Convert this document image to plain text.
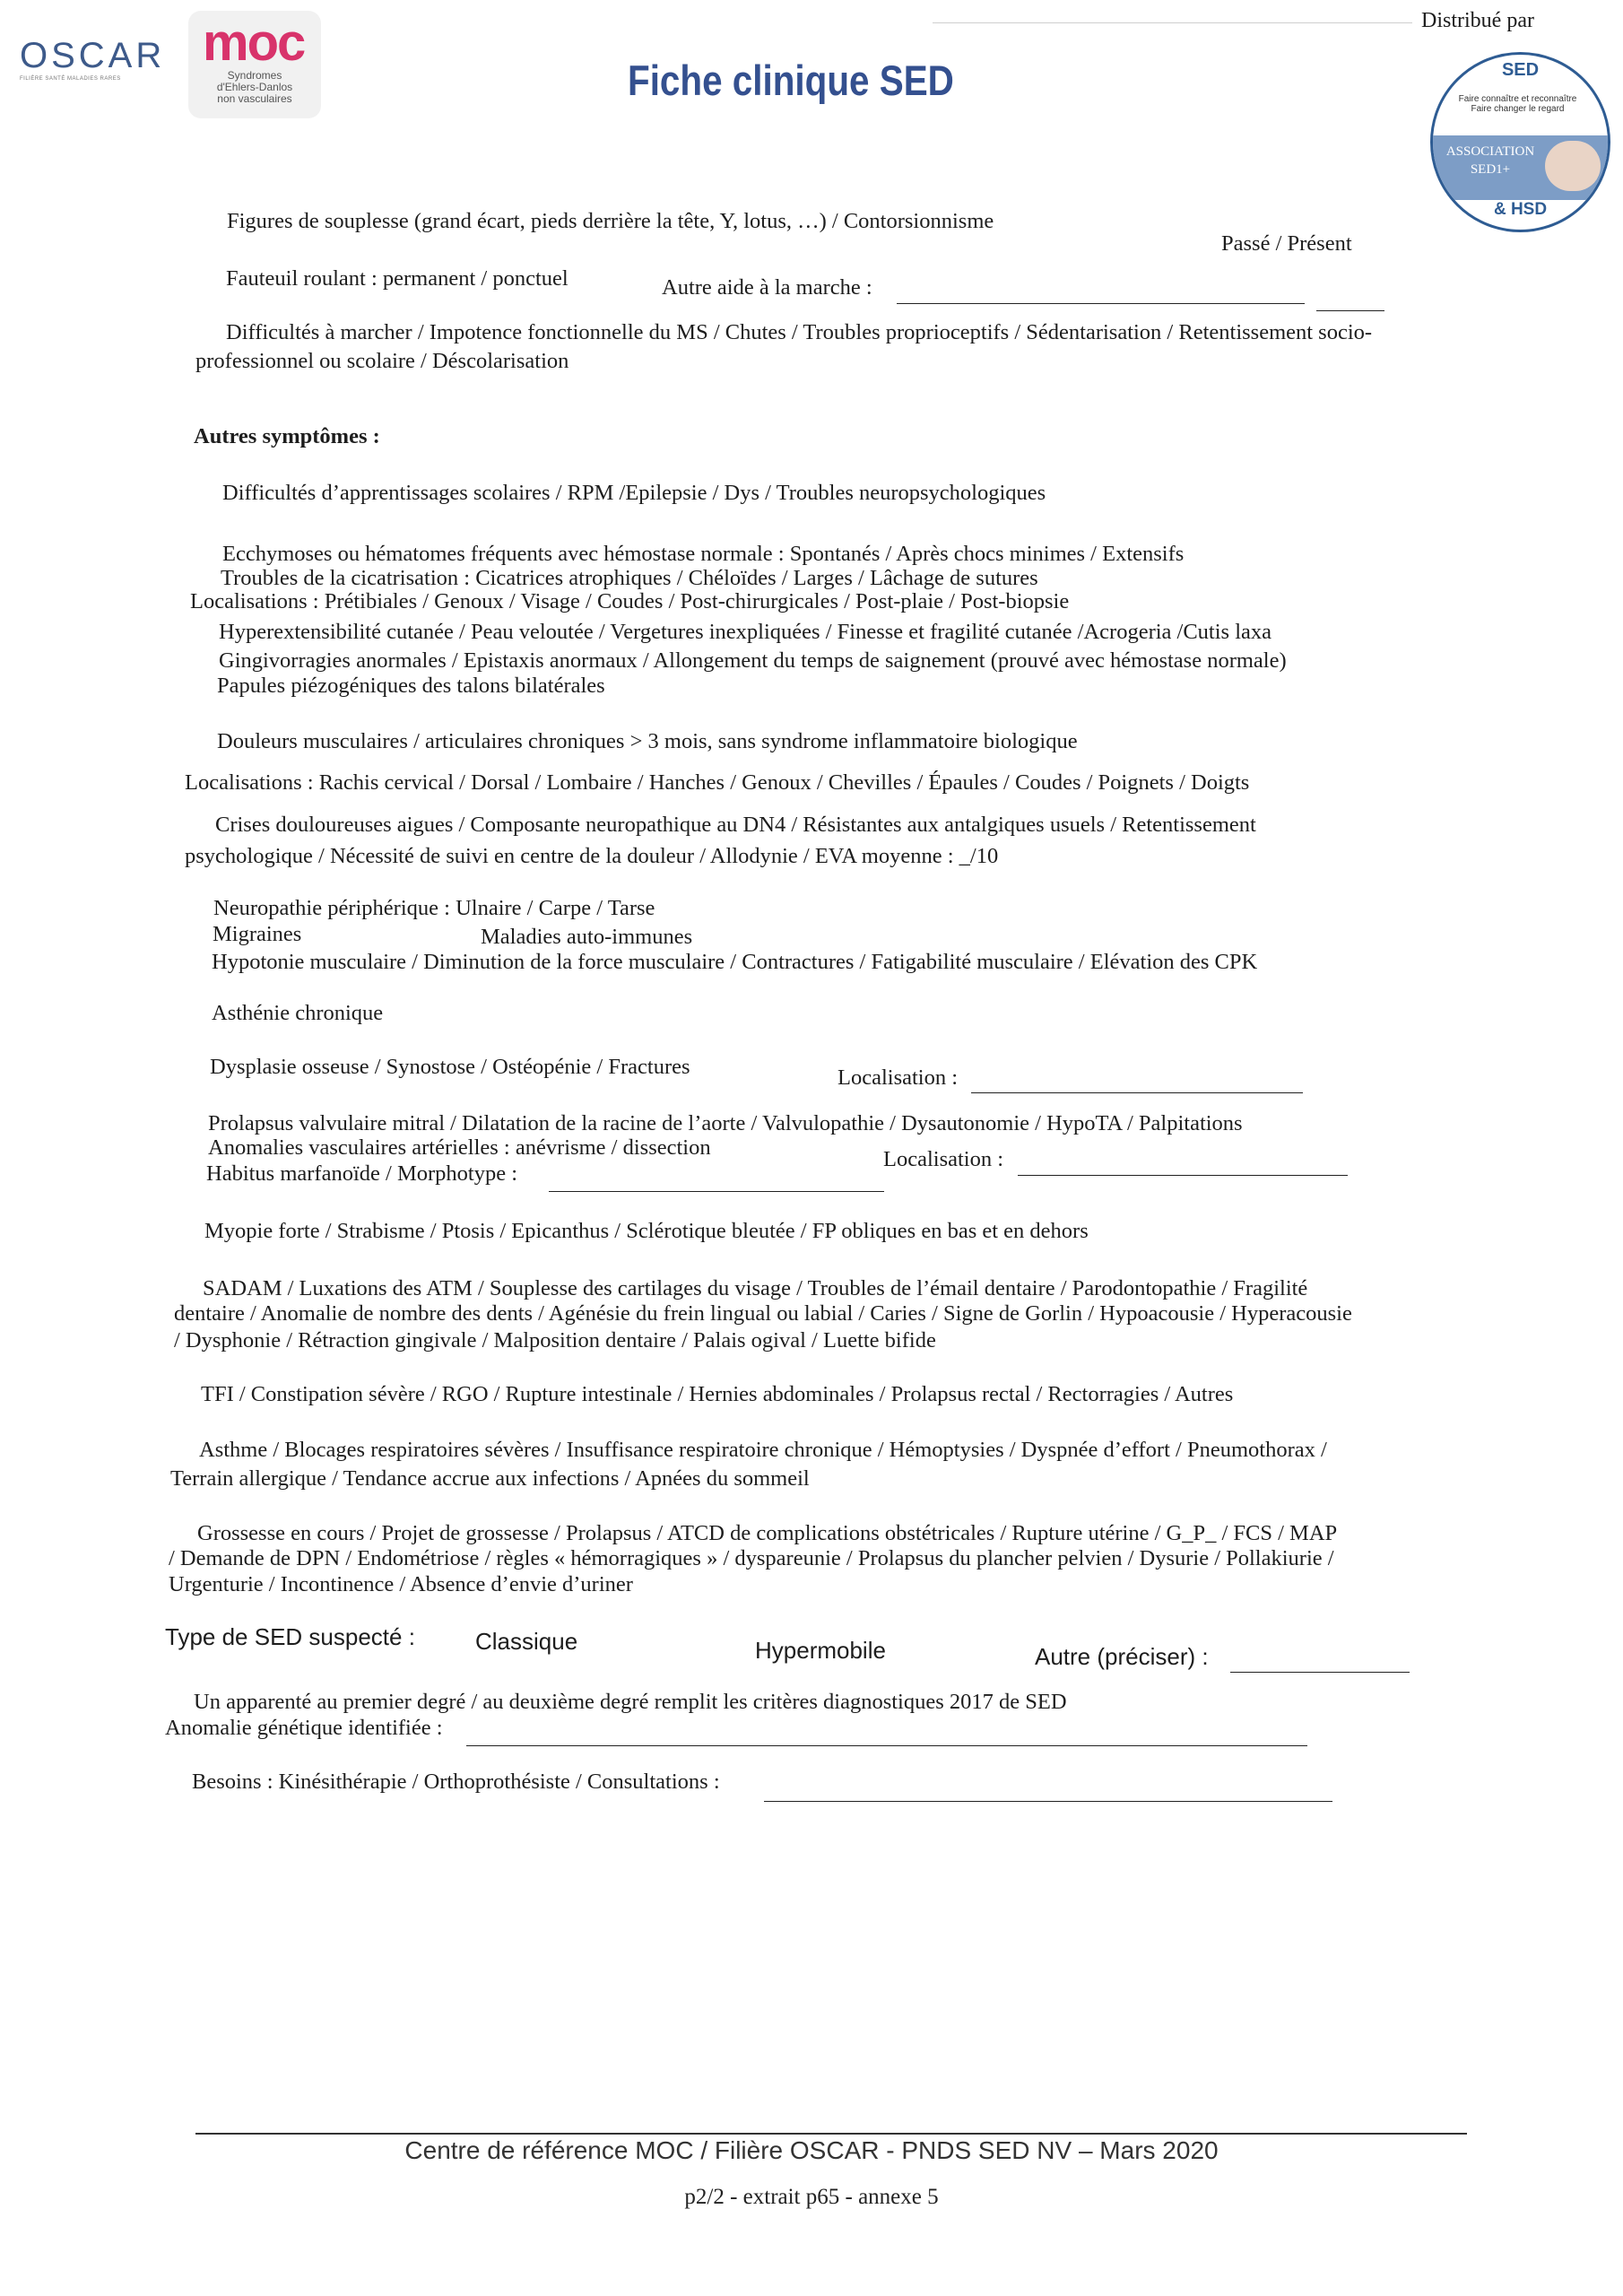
OSCAR
FILIÈRE SANTÉ MALADIES RARES
moc
Syndromes
d'Ehlers-Danlos
non vasculaires	Fiche clinique SED
Distribué par
SED
Faire connaître et reconnaître
Faire changer le regard
ASSOCIATION
SED1+
& HSD
Figures de souplesse (grand écart, pieds derrière la tête, Y, lotus, …) / Contorsionnisme
Passé / Présent
Fauteuil roulant : permanent / ponctuel	Autre aide à la marche :
Difficultés à marcher / Impotence fonctionnelle du MS / Chutes / Troubles proprioceptifs / Sédentarisation / Retentissement socio-
professionnel ou scolaire / Déscolarisation
Autres symptômes :
Difficultés d’apprentissages scolaires / RPM /Epilepsie / Dys / Troubles neuropsychologiques
Ecchymoses ou hématomes fréquents avec hémostase normale : Spontanés / Après chocs minimes / Extensifs
Troubles de la cicatrisation : Cicatrices atrophiques / Chéloïdes / Larges / Lâchage de sutures
Localisations : Prétibiales / Genoux / Visage / Coudes / Post-chirurgicales / Post-plaie / Post-biopsie
Hyperextensibilité cutanée / Peau veloutée / Vergetures inexpliquées / Finesse et fragilité cutanée /Acrogeria /Cutis laxa
Gingivorragies anormales / Epistaxis anormaux / Allongement du temps de saignement (prouvé avec hémostase normale)
Papules piézogéniques des talons bilatérales
Douleurs musculaires / articulaires chroniques > 3 mois, sans syndrome inflammatoire biologique
Localisations : Rachis cervical / Dorsal / Lombaire / Hanches / Genoux / Chevilles / Épaules / Coudes / Poignets / Doigts
Crises douloureuses aigues / Composante neuropathique au DN4 / Résistantes aux antalgiques usuels / Retentissement
psychologique / Nécessité de suivi en centre de la douleur / Allodynie / EVA moyenne : _/10
Neuropathie périphérique : Ulnaire / Carpe / Tarse
Migraines	Maladies auto-immunes
Hypotonie musculaire / Diminution de la force musculaire / Contractures / Fatigabilité musculaire / Elévation des CPK
Asthénie chronique
Dysplasie osseuse / Synostose / Ostéopénie / Fractures	Localisation :
Prolapsus valvulaire mitral / Dilatation de la racine de l’aorte / Valvulopathie / Dysautonomie / HypoTA / Palpitations
Anomalies vasculaires artérielles : anévrisme / dissection	Localisation :
Habitus marfanoïde / Morphotype :
Myopie forte / Strabisme / Ptosis / Epicanthus / Sclérotique bleutée / FP obliques en bas et en dehors
SADAM / Luxations des ATM / Souplesse des cartilages du visage / Troubles de l’émail dentaire / Parodontopathie / Fragilité
dentaire / Anomalie de nombre des dents / Agénésie du frein lingual ou labial / Caries / Signe de Gorlin / Hypoacousie / Hyperacousie
/ Dysphonie / Rétraction gingivale / Malposition dentaire / Palais ogival / Luette bifide
TFI / Constipation sévère / RGO / Rupture intestinale / Hernies abdominales / Prolapsus rectal / Rectorragies / Autres
Asthme / Blocages respiratoires sévères / Insuffisance respiratoire chronique / Hémoptysies / Dyspnée d’effort / Pneumothorax /
Terrain allergique / Tendance accrue aux infections / Apnées du sommeil
Grossesse en cours / Projet de grossesse / Prolapsus / ATCD de complications obstétricales / Rupture utérine / G_P_ / FCS / MAP
/ Demande de DPN / Endométriose / règles « hémorragiques » / dyspareunie / Prolapsus du plancher pelvien / Dysurie / Pollakiurie /
Urgenturie / Incontinence / Absence d’envie d’uriner
Type de SED suspecté :	Classique	Hypermobile	Autre (préciser) :
Un apparenté au premier degré / au deuxième degré remplit les critères diagnostiques 2017 de SED
Anomalie génétique identifiée :
Besoins : Kinésithérapie / Orthoprothésiste / Consultations :
Centre de référence MOC / Filière OSCAR - PNDS SED NV – Mars 2020
p2/2 - extrait p65 - annexe 5
